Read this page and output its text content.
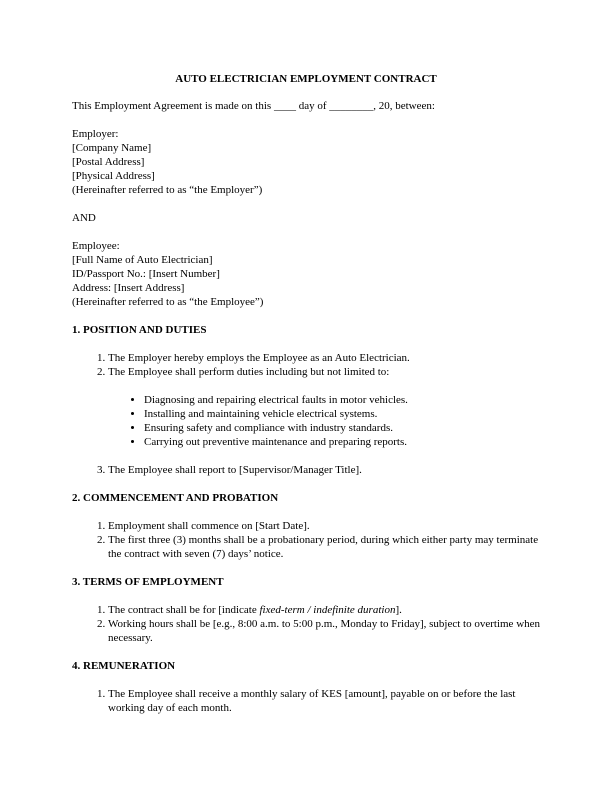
AUTO ELECTRICIAN EMPLOYMENT CONTRACT

This Employment Agreement is made on this ____ day of ________, 20, between:

Employer:

[Company Name]

[Postal Address]

[Physical Address]

(Hereinafter referred to as “the Employer”)

AND

Employee:

[Full Name of Auto Electrician]

ID/Passport No.: [Insert Number]

Address: [Insert Address]

(Hereinafter referred to as “the Employee”)

1. POSITION AND DUTIES

1. The Employer hereby employs the Employee as an Auto Electrician.
2. The Employee shall perform duties including but not limited to:
• Diagnosing and repairing electrical faults in motor vehicles.
• Installing and maintaining vehicle electrical systems.
• Ensuring safety and compliance with industry standards.
• Carrying out preventive maintenance and preparing reports.
3. The Employee shall report to [Supervisor/Manager Title].

2. COMMENCEMENT AND PROBATION

1. Employment shall commence on [Start Date].
2. The first three (3) months shall be a probationary period, during which either party may terminate the contract with seven (7) days’ notice.

3. TERMS OF EMPLOYMENT

1. The contract shall be for [indicate fixed-term / indefinite duration].
2. Working hours shall be [e.g., 8:00 a.m. to 5:00 p.m., Monday to Friday], subject to overtime when necessary.

4. REMUNERATION

1. The Employee shall receive a monthly salary of KES [amount], payable on or before the last working day of each month.
